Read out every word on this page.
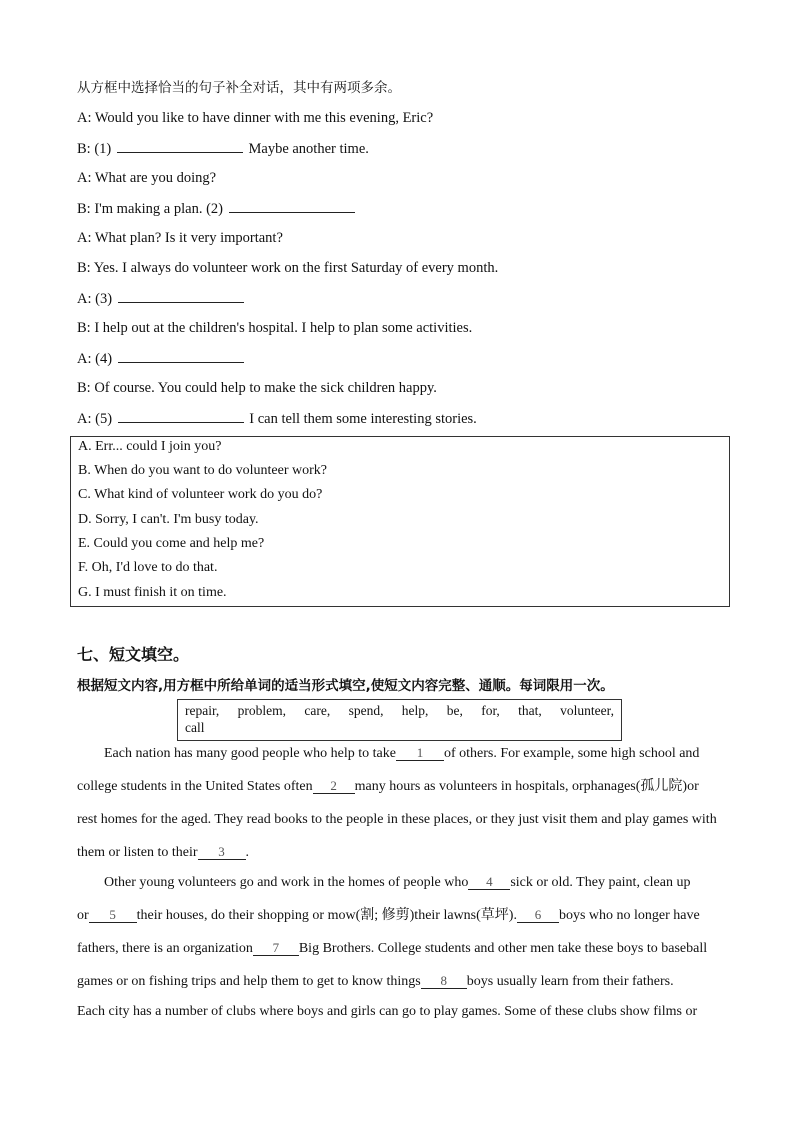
从方框中选择恰当的句子补全对话，其中有两项多余。
A: Would you like to have dinner with me this evening, Eric?
B: (1)	Maybe another time.
A: What are you doing?
B: I'm making a plan. (2)
A: What plan? Is it very important?
B: Yes. I always do volunteer work on the first Saturday of every month.
A: (3)
B: I help out at the children's hospital. I help to plan some activities.
A: (4)
B: Of course. You could help to make the sick children happy.
A: (5)	I can tell them some interesting stories.
A. Err... could I join you?
B. When do you want to do volunteer work?
C. What kind of volunteer work do you do?
D. Sorry, I can't. I'm busy today.
E. Could you come and help me?
F. Oh, I'd love to do that.
G. I must finish it on time.
七、短文填空。
根据短文内容,用方框中所给单词的适当形式填空,使短文内容完整、通顺。每词限用一次。
repair, problem, care, spend, help, be, for, that, volunteer,
call
Each nation has many good people who help to take 1 of others. For example, some high school and
college students in the United States often 2 many hours as volunteers in hospitals, orphanages(孤儿院)or
rest homes for the aged. They read books to the people in these places, or they just visit them and play games with
them or listen to their 3 .
Other young volunteers go and work in the homes of people who 4 sick or old. They paint, clean up
or 5 their houses, do their shopping or mow(割; 修剪)their lawns(草坪). 6 boys who no longer have
fathers, there is an organization 7 Big Brothers. College students and other men take these boys to baseball
games or on fishing trips and help them to get to know things 8 boys usually learn from their fathers.
Each city has a number of clubs where boys and girls can go to play games. Some of these clubs show films or
